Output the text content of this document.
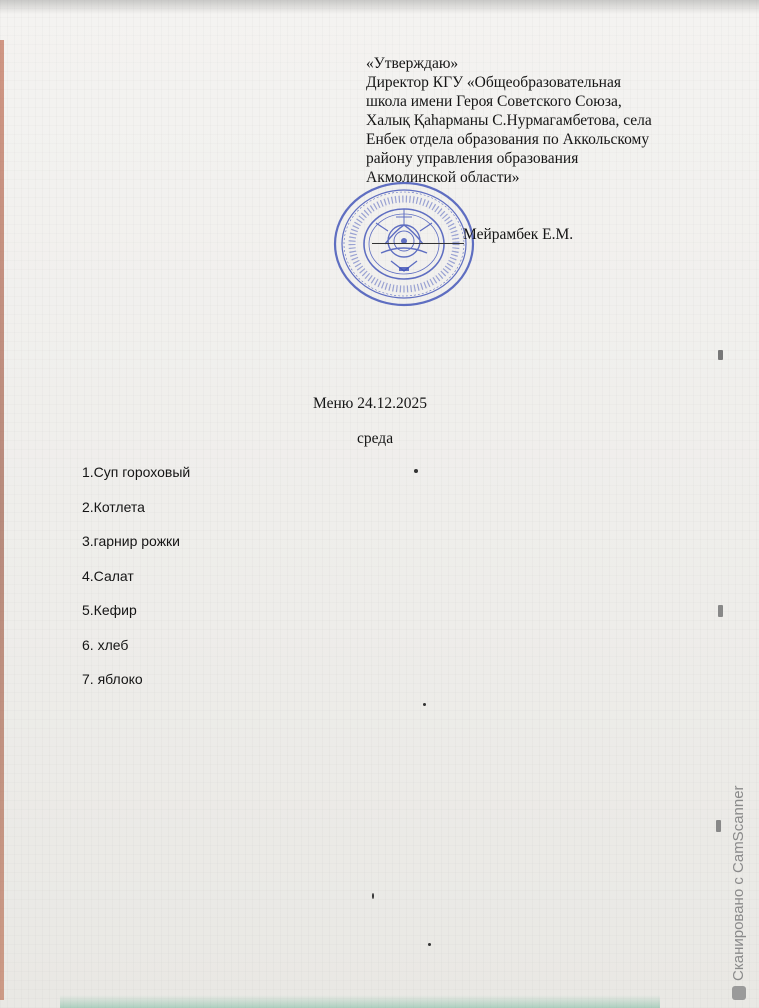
«Утверждаю»
Директор КГУ «Общеобразовательная
школа имени Героя Советского Союза,
Халық Қаһарманы С.Нурмагамбетова, села
Енбек отдела образования по Аккольскому
району управления образования
Акмолинской области»
Мейрамбек Е.М.
Меню 24.12.2025
среда
1.Суп гороховый
2.Котлета
3.гарнир рожки
4.Салат
5.Кефир
6. хлеб
7. яблоко
Сканировано с CamScanner
